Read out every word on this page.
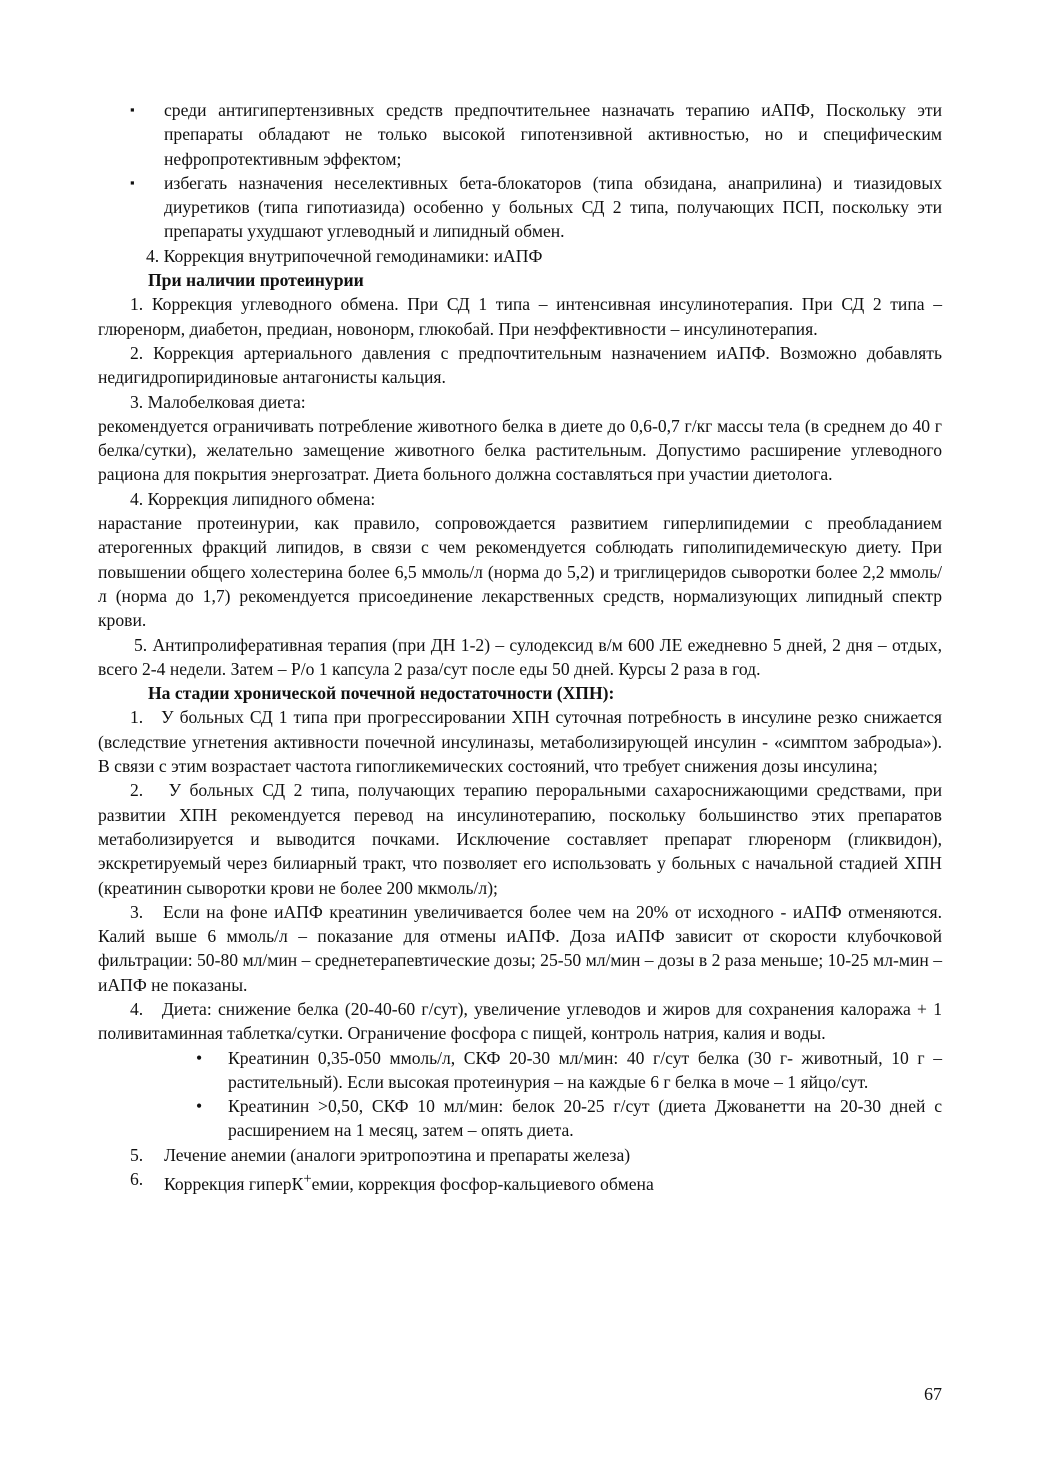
▪	среди антигипертензивных средств предпочтительнее назначать терапию иАПФ, Поскольку эти препараты обладают не только высокой гипотензивной активностью, но и специфическим нефропротективным эффектом;

▪	избегать назначения неселективных бета-блокаторов (типа обзидана, анаприлина) и тиазидовых диуретиков (типа гипотиазида) особенно у больных СД 2 типа, получающих ПСП, поскольку эти препараты ухудшают углеводный и липидный обмен.

4. Коррекция внутрипочечной гемодинамики: иАПФ

При наличии протеинурии

1. Коррекция углеводного обмена. При СД 1 типа – интенсивная инсулинотерапия. При СД 2 типа – глюренорм, диабетон, предиан, новонорм, глюкобай. При неэффективности – инсулинотерапия.

2. Коррекция артериального давления с предпочтительным назначением иАПФ. Возможно добавлять недигидропиридиновые антагонисты кальция.

3. Малобелковая диета:

рекомендуется ограничивать потребление животного белка в диете до 0,6-0,7 г/кг массы тела (в среднем до 40 г белка/сутки), желательно замещение животного белка растительным. Допустимо расширение углеводного рациона для покрытия энергозатрат. Диета больного должна составляться при участии диетолога.

4. Коррекция липидного обмена:

нарастание протеинурии, как правило, сопровождается развитием гиперлипидемии с преобладанием атерогенных фракций липидов, в связи с чем рекомендуется соблюдать гиполипидемическую диету. При повышении общего холестерина более 6,5 ммоль/л (норма до 5,2) и триглицеридов сыворотки более 2,2 ммоль/л (норма до 1,7) рекомендуется присоединение лекарственных средств, нормализующих липидный спектр крови.

5. Антипролиферативная терапия (при ДН 1-2) – сулодексид в/м 600 ЛЕ ежедневно 5 дней, 2 дня – отдых, всего 2-4 недели. Затем – Р/о 1 капсула 2 раза/сут после еды 50 дней. Курсы 2 раза в год.

На стадии хронической почечной недостаточности (ХПН):

1. У больных СД 1 типа при прогрессировании ХПН суточная потребность в инсулине резко снижается (вследствие угнетения активности почечной инсулиназы, метаболизирующей инсулин - «симптом забродыа»). В связи с этим возрастает частота гипогликемических состояний, что требует снижения дозы инсулина;

2. У больных СД 2 типа, получающих терапию пероральными сахароснижающими средствами, при развитии ХПН рекомендуется перевод на инсулинотерапию, поскольку большинство этих препаратов метаболизируется и выводится почками. Исключение составляет препарат глюренорм (гликвидон), экскретируемый через билиарный тракт, что позволяет его использовать у больных с начальной стадией ХПН (креатинин сыворотки крови не более 200 мкмоль/л);

3. Если на фоне иАПФ креатинин увеличивается более чем на 20% от исходного - иАПФ отменяются. Калий выше 6 ммоль/л – показание для отмены иАПФ. Доза иАПФ зависит от скорости клубочковой фильтрации: 50-80 мл/мин – среднетерапевтические дозы; 25-50 мл/мин – дозы в 2 раза меньше; 10-25 мл-мин – иАПФ не показаны.

4. Диета: снижение белка (20-40-60 г/сут), увеличение углеводов и жиров для сохранения калоража + 1 поливитаминная таблетка/сутки. Ограничение фосфора с пищей, контроль натрия, калия и воды.

•	Креатинин 0,35-050 ммоль/л, СКФ 20-30 мл/мин: 40 г/сут белка (30 г- животный, 10 г – растительный). Если высокая протеинурия – на каждые 6 г белка в моче – 1 яйцо/сут.

•	Креатинин >0,50, СКФ 10 мл/мин: белок 20-25 г/сут (диета Джованетти на 20-30 дней с расширением на 1 месяц, затем – опять диета.

5.	Лечение анемии (аналоги эритропоэтина и препараты железа)

6.	Коррекция гиперК+емии, коррекция фосфор-кальциевого обмена

67
